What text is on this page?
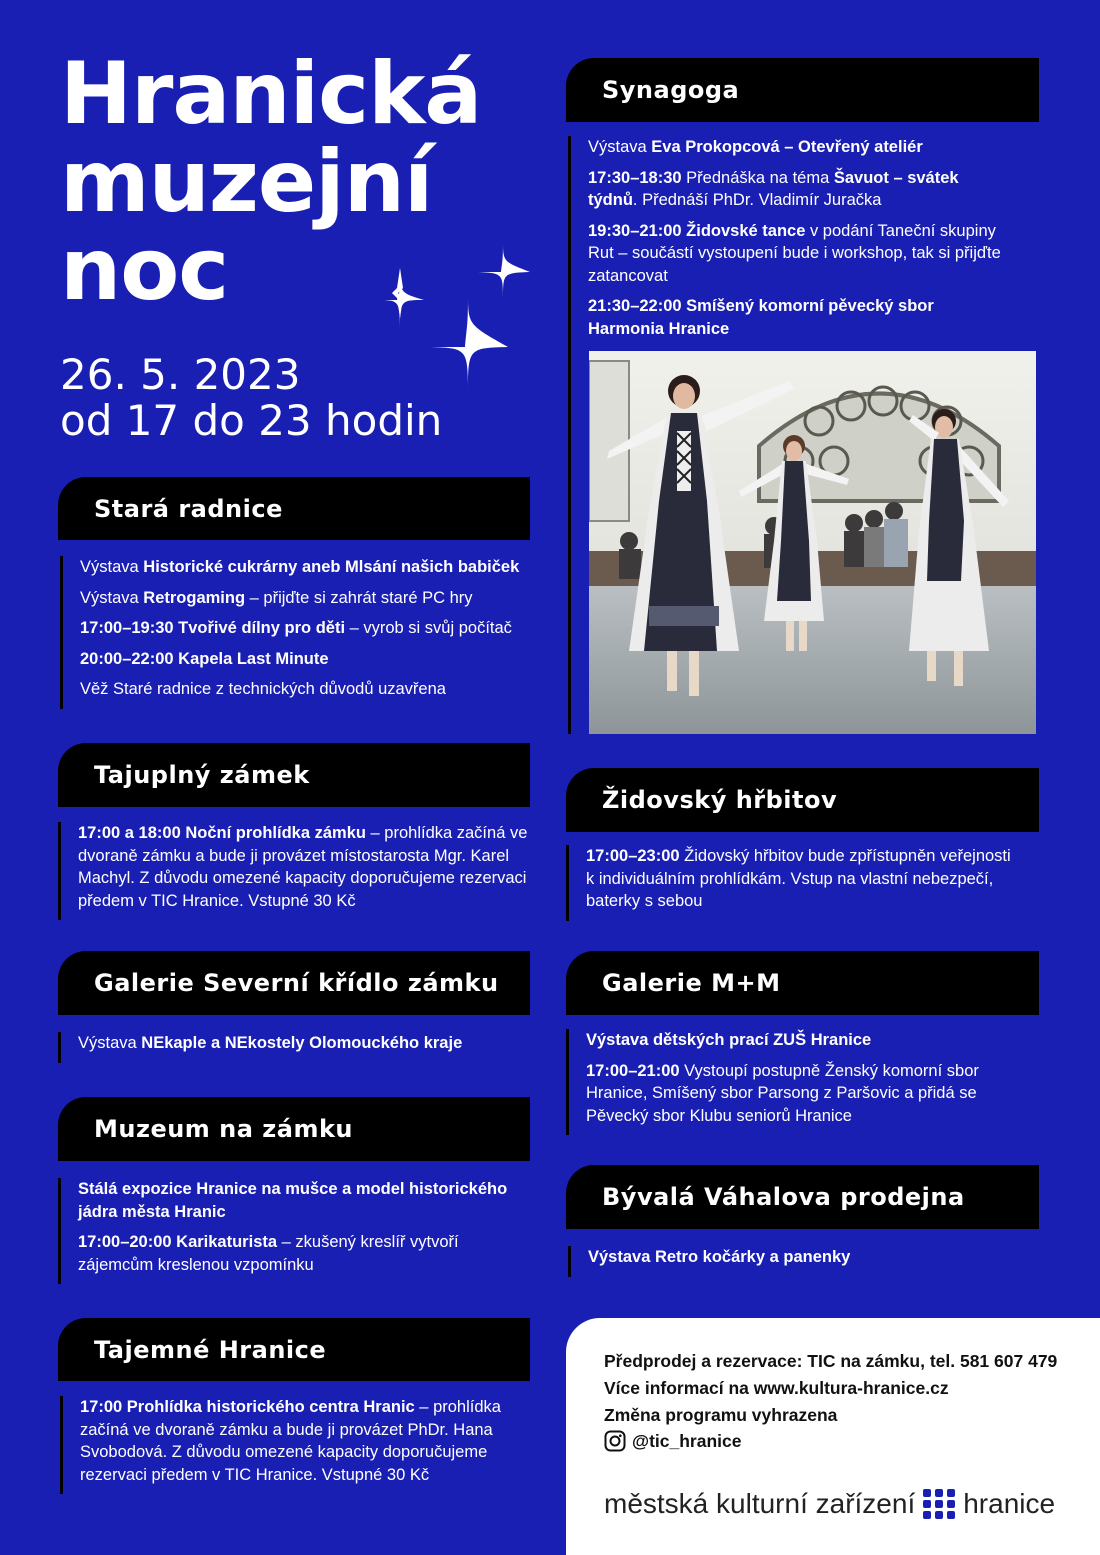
Hranická
muzejní
noc
26. 5. 2023
od 17 do 23 hodin
Stará radnice

Výstava Historické cukrárny aneb Mlsání našich babiček

Výstava Retrogaming – přijďte si zahrát staré PC hry

17:00–19:30 Tvořivé dílny pro děti – vyrob si svůj počítač

20:00–22:00 Kapela Last Minute

Věž Staré radnice z technických důvodů uzavřena

Tajuplný zámek

17:00 a 18:00 Noční prohlídka zámku – prohlídka začíná ve dvoraně zámku a bude ji provázet místostarosta Mgr. Karel Machyl. Z důvodu omezené kapacity doporučujeme rezervaci předem v TIC Hranice. Vstupné 30 Kč

Galerie Severní křídlo zámku

Výstava NEkaple a NEkostely Olomouckého kraje

Muzeum na zámku

Stálá expozice Hranice na mušce a model historického jádra města Hranic

17:00–20:00 Karikaturista – zkušený kreslíř vytvoří zájemcům kreslenou vzpomínku

Tajemné Hranice

17:00 Prohlídka historického centra Hranic – prohlídka začíná ve dvoraně zámku a bude ji provázet PhDr. Hana Svobodová. Z důvodu omezené kapacity doporučujeme rezervaci předem v TIC Hranice. Vstupné 30 Kč

Synagoga

Výstava Eva Prokopcová – Otevřený ateliér

17:30–18:30 Přednáška na téma Šavuot – svátek týdnů. Přednáší PhDr. Vladimír Juračka

19:30–21:00 Židovské tance v podání Taneční skupiny Rut – součástí vystoupení bude i workshop, tak si přijďte zatancovat

21:30–22:00 Smíšený komorní pěvecký sbor Harmonia Hranice

Židovský hřbitov

17:00–23:00 Židovský hřbitov bude zpřístupněn veřejnosti k individuálním prohlídkám. Vstup na vlastní nebezpečí, baterky s sebou

Galerie M+M

Výstava dětských prací ZUŠ Hranice

17:00–21:00 Vystoupí postupně Ženský komorní sbor Hranice, Smíšený sbor Parsong z Paršovic a přidá se Pěvecký sbor Klubu seniorů Hranice

Bývalá Váhalova prodejna

Výstava Retro kočárky a panenky

Předprodej a rezervace: TIC na zámku, tel. 581 607 479
Více informací na www.kultura-hranice.cz
Změna programu vyhrazena
@tic_hranice
městská kulturní zařízení hranice
